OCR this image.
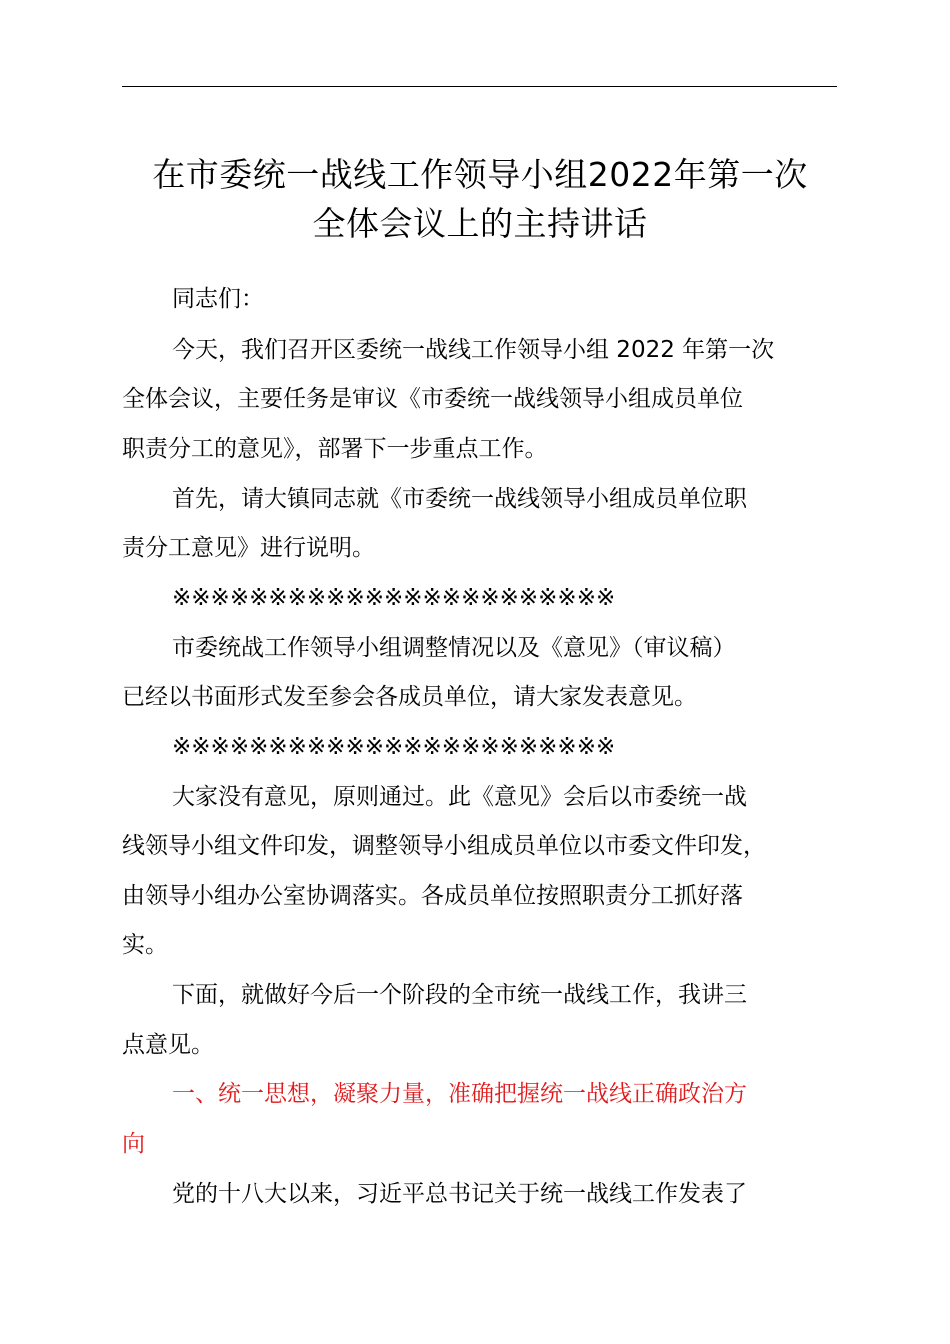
在市委统一战线工作领导小组2022年第一次
全体会议上的主持讲话
同志们：
今天，我们召开区委统一战线工作领导小组 2022 年第一次
全体会议，主要任务是审议《市委统一战线领导小组成员单位
职责分工的意见》，部署下一步重点工作。
首先，请大镇同志就《市委统一战线领导小组成员单位职
责分工意见》进行说明。
※※※※※※※※※※※※※※※※※※※※※※※
市委统战工作领导小组调整情况以及《意见》（审议稿）
已经以书面形式发至参会各成员单位，请大家发表意见。
※※※※※※※※※※※※※※※※※※※※※※※
大家没有意见，原则通过。此《意见》会后以市委统一战
线领导小组文件印发，调整领导小组成员单位以市委文件印发，
由领导小组办公室协调落实。各成员单位按照职责分工抓好落
实。
下面，就做好今后一个阶段的全市统一战线工作，我讲三
点意见。
一、统一思想，凝聚力量，准确把握统一战线正确政治方
向
党的十八大以来，习近平总书记关于统一战线工作发表了
